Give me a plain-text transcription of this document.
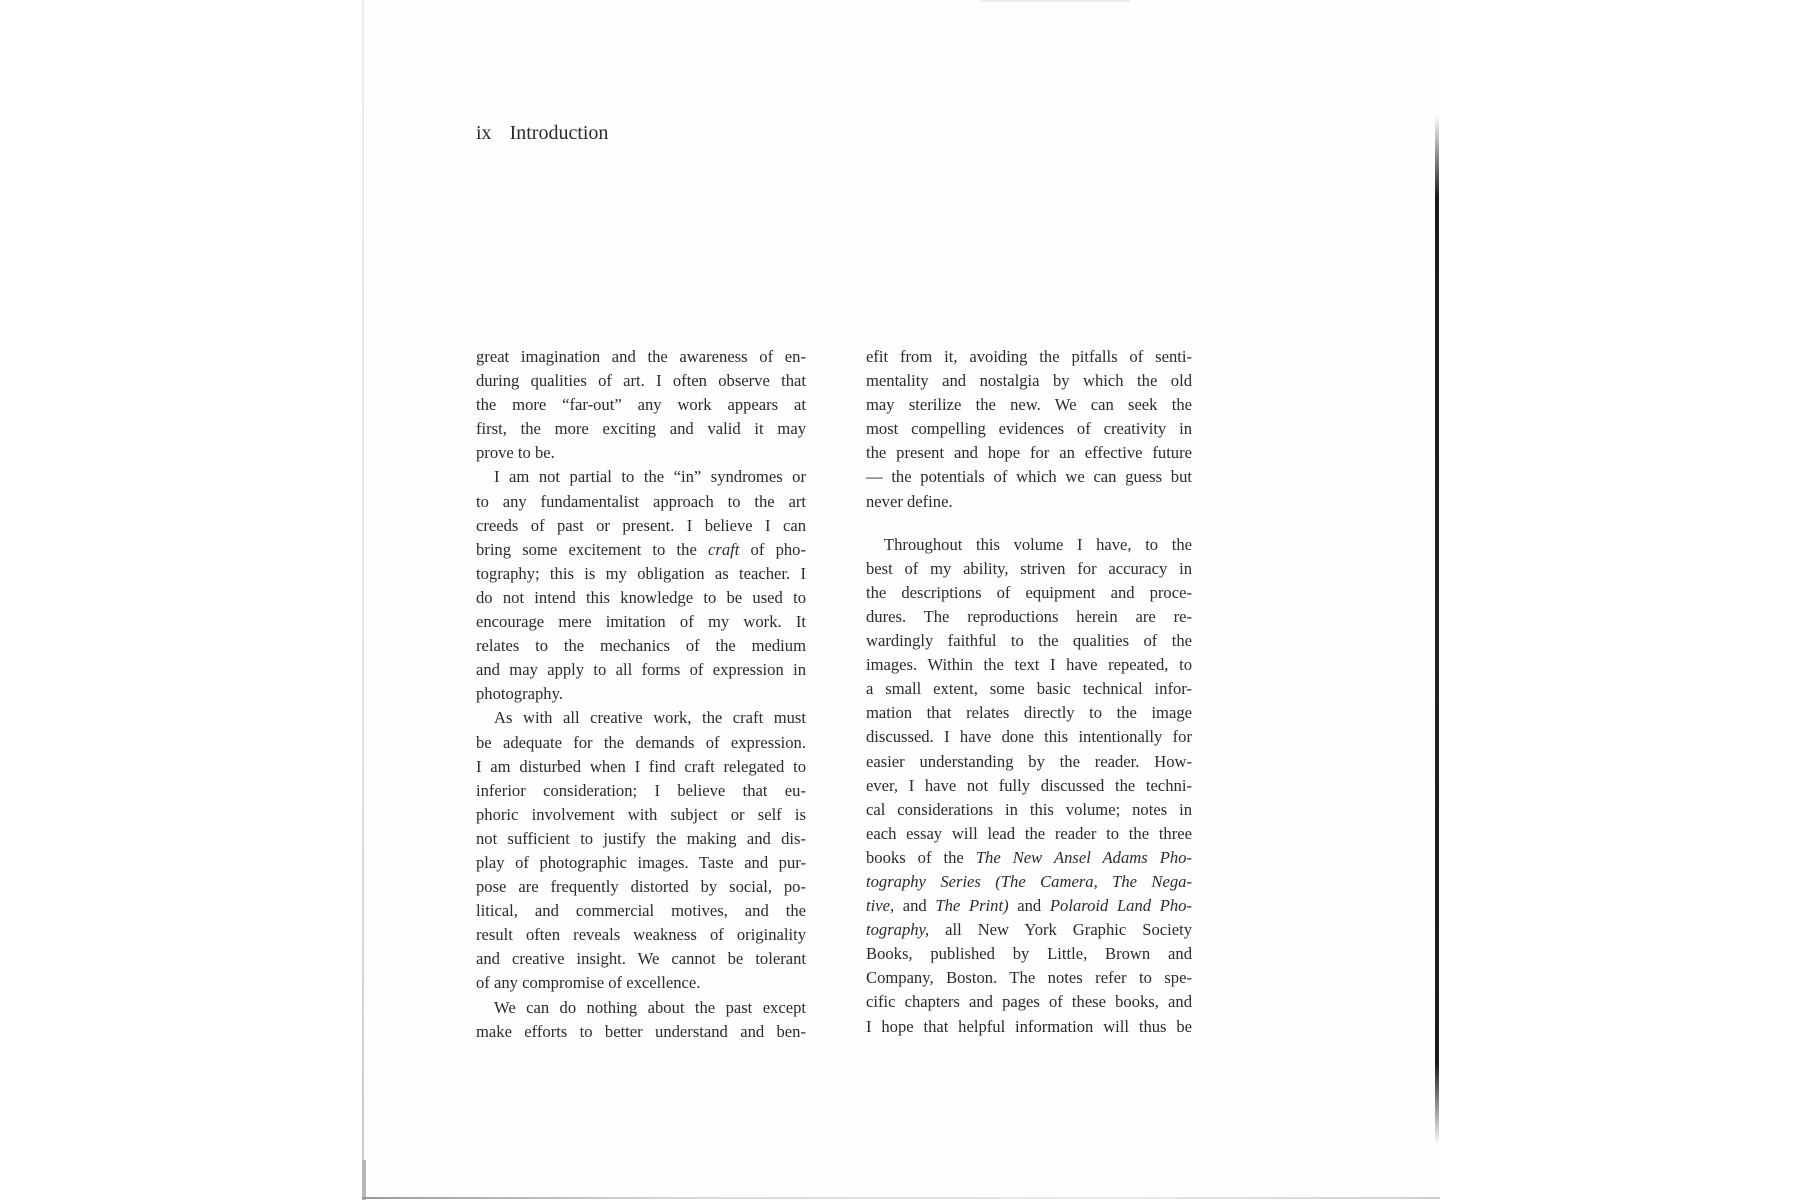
ix Introduction
great imagination and the awareness of en-
during qualities of art. I often observe that
the more “far-out” any work appears at
first, the more exciting and valid it may
prove to be.
I am not partial to the “in” syndromes or
to any fundamentalist approach to the art
creeds of past or present. I believe I can
bring some excitement to the craft of pho-
tography; this is my obligation as teacher. I
do not intend this knowledge to be used to
encourage mere imitation of my work. It
relates to the mechanics of the medium
and may apply to all forms of expression in
photography.
As with all creative work, the craft must
be adequate for the demands of expression.
I am disturbed when I find craft relegated to
inferior consideration; I believe that eu-
phoric involvement with subject or self is
not sufficient to justify the making and dis-
play of photographic images. Taste and pur-
pose are frequently distorted by social, po-
litical, and commercial motives, and the
result often reveals weakness of originality
and creative insight. We cannot be tolerant
of any compromise of excellence.
We can do nothing about the past except
make efforts to better understand and ben-
efit from it, avoiding the pitfalls of senti-
mentality and nostalgia by which the old
may sterilize the new. We can seek the
most compelling evidences of creativity in
the present and hope for an effective future
— the potentials of which we can guess but
never define.
Throughout this volume I have, to the
best of my ability, striven for accuracy in
the descriptions of equipment and proce-
dures. The reproductions herein are re-
wardingly faithful to the qualities of the
images. Within the text I have repeated, to
a small extent, some basic technical infor-
mation that relates directly to the image
discussed. I have done this intentionally for
easier understanding by the reader. How-
ever, I have not fully discussed the techni-
cal considerations in this volume; notes in
each essay will lead the reader to the three
books of the The New Ansel Adams Pho-
tography Series (The Camera, The Nega-
tive, and The Print) and Polaroid Land Pho-
tography, all New York Graphic Society
Books, published by Little, Brown and
Company, Boston. The notes refer to spe-
cific chapters and pages of these books, and
I hope that helpful information will thus be
